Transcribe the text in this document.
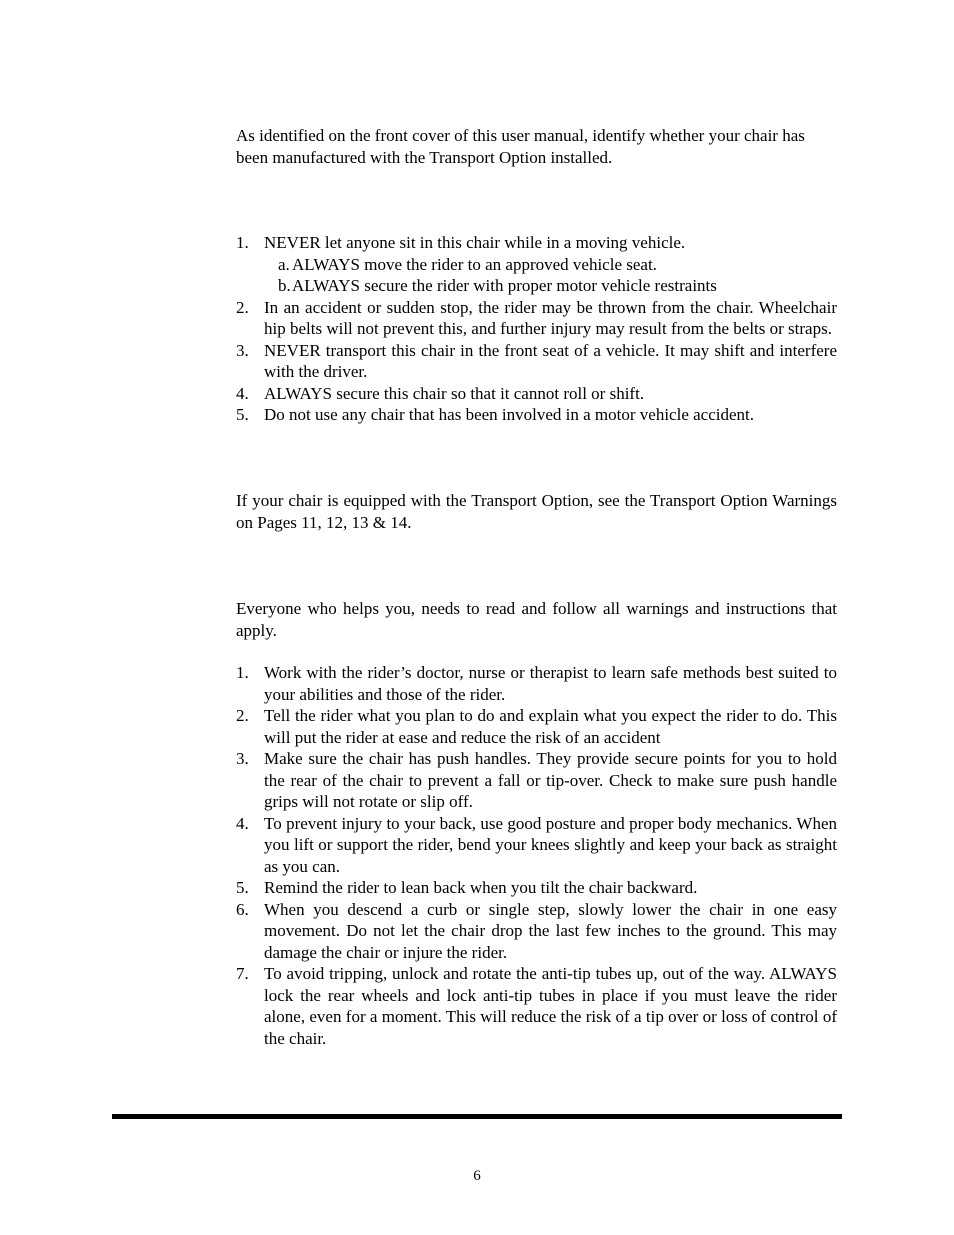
As identified on the front cover of this user manual, identify whether your chair has been manufactured with the Transport Option installed.

1. NEVER let anyone sit in this chair while in a moving vehicle.
a. ALWAYS move the rider to an approved vehicle seat.
b.ALWAYS secure the rider with proper motor vehicle restraints
2. In an accident or sudden stop, the rider may be thrown from the chair. Wheelchair hip belts will not prevent this, and further injury may result from the belts or straps.
3. NEVER transport this chair in the front seat of a vehicle. It may shift and interfere with the driver.
4. ALWAYS secure this chair so that it cannot roll or shift.
5. Do not use any chair that has been involved in a motor vehicle accident.

If your chair is equipped with the Transport Option, see the Transport Option Warnings on Pages 11, 12, 13 & 14.

Everyone who helps you, needs to read and follow all warnings and instructions that apply.

1. Work with the rider’s doctor, nurse or therapist to learn safe methods best suited to your abilities and those of the rider.
2. Tell the rider what you plan to do and explain what you expect the rider to do. This will put the rider at ease and reduce the risk of an accident
3. Make sure the chair has push handles. They provide secure points for you to hold the rear of the chair to prevent a fall or tip-over. Check to make sure push handle grips will not rotate or slip off.
4. To prevent injury to your back, use good posture and proper body mechanics. When you lift or support the rider, bend your knees slightly and keep your back as straight as you can.
5. Remind the rider to lean back when you tilt the chair backward.
6. When you descend a curb or single step, slowly lower the chair in one easy movement. Do not let the chair drop the last few inches to the ground. This may damage the chair or injure the rider.
7. To avoid tripping, unlock and rotate the anti-tip tubes up, out of the way. ALWAYS lock the rear wheels and lock anti-tip tubes in place if you must leave the rider alone, even for a moment. This will reduce the risk of a tip over or loss of control of the chair.
6
